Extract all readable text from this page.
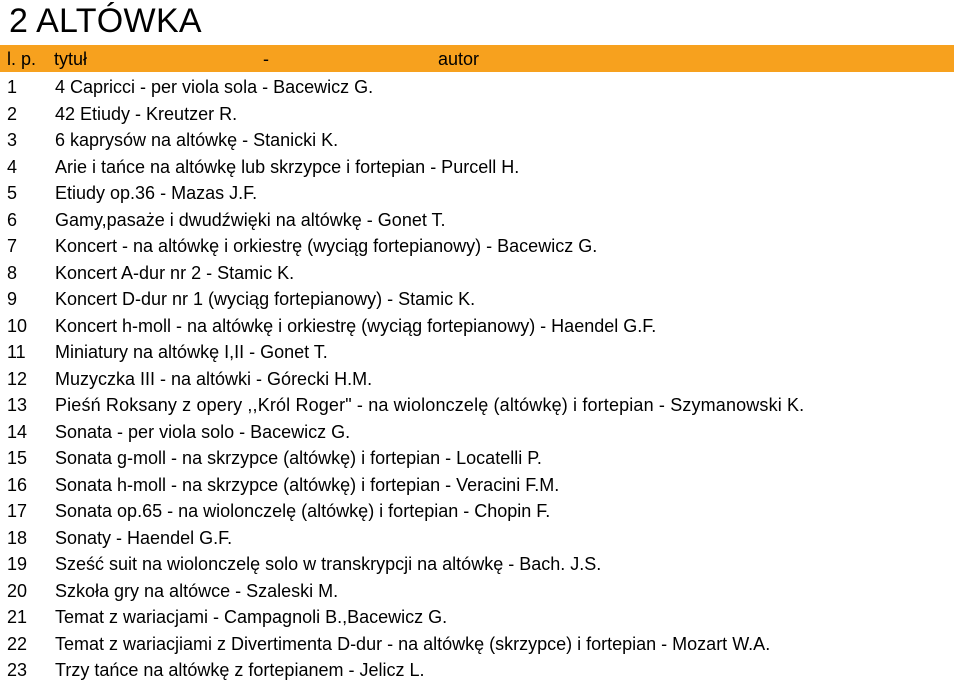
2 ALTÓWKA
l. p. tytuł	-	autor
1 4 Capricci - per viola sola - Bacewicz G.
2 42 Etiudy - Kreutzer R.
3 6 kaprysów na altówkę - Stanicki K.
4 Arie i tańce na altówkę lub skrzypce i fortepian - Purcell H.
5 Etiudy op.36 - Mazas J.F.
6 Gamy,pasaże i dwudźwięki na altówkę - Gonet T.
7 Koncert - na altówkę i orkiestrę (wyciąg fortepianowy) - Bacewicz G.
8 Koncert A-dur nr 2 - Stamic K.
9 Koncert D-dur nr 1 (wyciąg fortepianowy) - Stamic K.
10 Koncert h-moll - na altówkę i orkiestrę (wyciąg fortepianowy) - Haendel G.F.
11 Miniatury na altówkę I,II - Gonet T.
12 Muzyczka III - na altówki - Górecki H.M.
13 Pieśń Roksany z opery ,,Król Roger" - na wiolonczelę (altówkę) i fortepian - Szymanowski K.
14 Sonata - per viola solo - Bacewicz G.
15 Sonata g-moll - na skrzypce (altówkę) i fortepian - Locatelli P.
16 Sonata h-moll - na skrzypce (altówkę) i fortepian - Veracini F.M.
17 Sonata op.65 - na wiolonczelę (altówkę) i fortepian - Chopin F.
18 Sonaty - Haendel G.F.
19 Sześć suit na wiolonczelę solo w transkrypcji na altówkę - Bach. J.S.
20 Szkoła gry na altówce - Szaleski M.
21 Temat z wariacjami - Campagnoli B.,Bacewicz G.
22 Temat z wariacjiami z Divertimenta D-dur - na altówkę (skrzypce) i fortepian - Mozart W.A.
23 Trzy tańce na altówkę z fortepianem - Jelicz L.
